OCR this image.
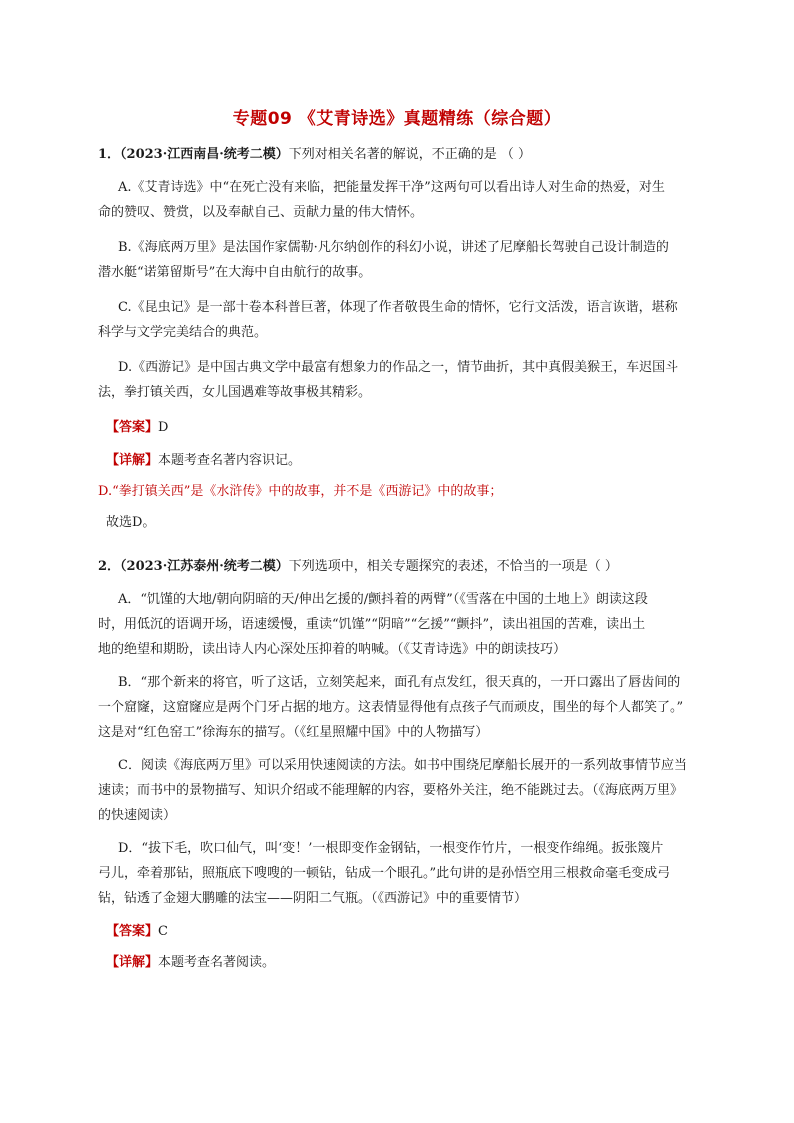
专题09 《艾青诗选》真题精练（综合题）
1．（2023·江西南昌·统考二模）下列对相关名著的解说，不正确的是 （ ）
A.《艾青诗选》中“在死亡没有来临，把能量发挥干净”这两句可以看出诗人对生命的热爱，对生
命的赞叹、赞赏，以及奉献自己、贡献力量的伟大情怀。
B.《海底两万里》是法国作家儒勒·凡尔纳创作的科幻小说，讲述了尼摩船长驾驶自己设计制造的
潜水艇“诺第留斯号”在大海中自由航行的故事。
C.《昆虫记》是一部十卷本科普巨著，体现了作者敬畏生命的情怀，它行文活泼，语言诙谐，堪称
科学与文学完美结合的典范。
D.《西游记》是中国古典文学中最富有想象力的作品之一，情节曲折，其中真假美猴王，车迟国斗
法，拳打镇关西，女儿国遇难等故事极其精彩。
【答案】D
【详解】本题考查名著内容识记。
D.“拳打镇关西”是《水浒传》中的故事，并不是《西游记》中的故事；
故选D。
2．（2023·江苏泰州·统考二模）下列选项中，相关专题探究的表述，不恰当的一项是（ ）
A．“饥馑的大地/朝向阴暗的天/伸出乞援的/颤抖着的两臂”（《雪落在中国的土地上》朗读这段
时，用低沉的语调开场，语速缓慢，重读“饥馑”“阴暗”“乞援”“颤抖”，读出祖国的苦难，读出土
地的绝望和期盼，读出诗人内心深处压抑着的呐喊。（《艾青诗选》中的朗读技巧）
B．“那个新来的将官，听了这话，立刻笑起来，面孔有点发红，很天真的，一开口露出了唇齿间的
一个窟窿，这窟窿应是两个门牙占据的地方。这表情显得他有点孩子气而顽皮，围坐的每个人都笑了。”
这是对“红色窑工”徐海东的描写。（《红星照耀中国》中的人物描写）
C．阅读《海底两万里》可以采用快速阅读的方法。如书中围绕尼摩船长展开的一系列故事情节应当
速读；而书中的景物描写、知识介绍或不能理解的内容，要格外关注，绝不能跳过去。（《海底两万里》
的快速阅读）
D．“拔下毛，吹口仙气，叫‘变！’一根即变作金钢钻，一根变作竹片，一根变作绵绳。扳张篾片
弓儿，牵着那钻，照瓶底下嗖嗖的一顿钻，钻成一个眼孔。”此句讲的是孙悟空用三根救命毫毛变成弓
钻，钻透了金翅大鹏雕的法宝——阴阳二气瓶。（《西游记》中的重要情节）
【答案】C
【详解】本题考查名著阅读。
